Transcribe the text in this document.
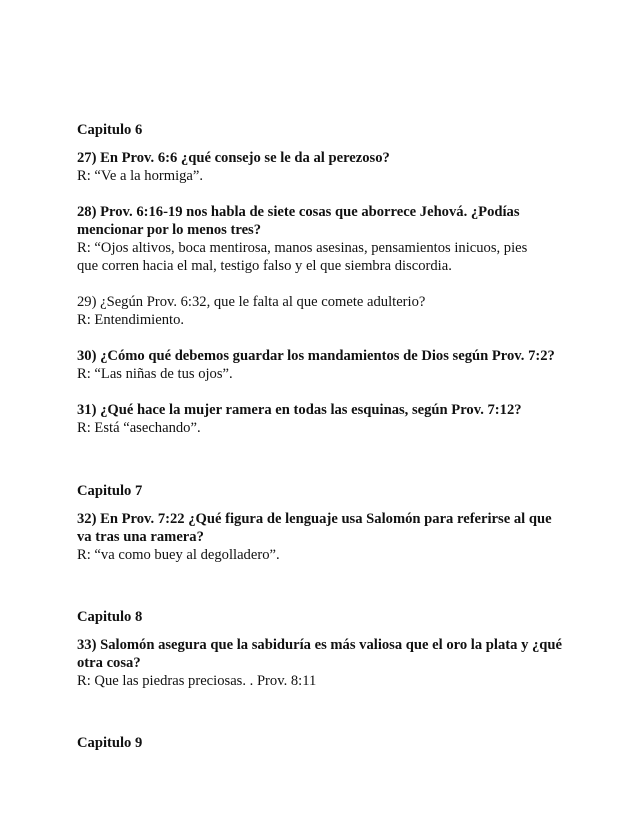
Capitulo 6
27) En Prov. 6:6 ¿qué consejo se le da al perezoso?
R: “Ve a la hormiga”.
28) Prov. 6:16-19 nos habla de siete cosas que aborrece Jehová. ¿Podías
mencionar por lo menos tres?
R: “Ojos altivos, boca mentirosa, manos asesinas, pensamientos inicuos, pies
que corren hacia el mal, testigo falso y el que siembra discordia.
29) ¿Según Prov. 6:32, que le falta al que comete adulterio?
R: Entendimiento.
30) ¿Cómo qué debemos guardar los mandamientos de Dios según Prov. 7:2?
R: “Las niñas de tus ojos”.
31) ¿Qué hace la mujer ramera en todas las esquinas, según Prov. 7:12?
R: Está “asechando”.
Capitulo 7
32) En Prov. 7:22 ¿Qué figura de lenguaje usa Salomón para referirse al que
va tras una ramera?
R: “va como buey al degolladero”.
Capitulo 8
33) Salomón asegura que la sabiduría es más valiosa que el oro la plata y ¿qué
otra cosa?
R: Que las piedras preciosas. . Prov. 8:11
Capitulo 9
